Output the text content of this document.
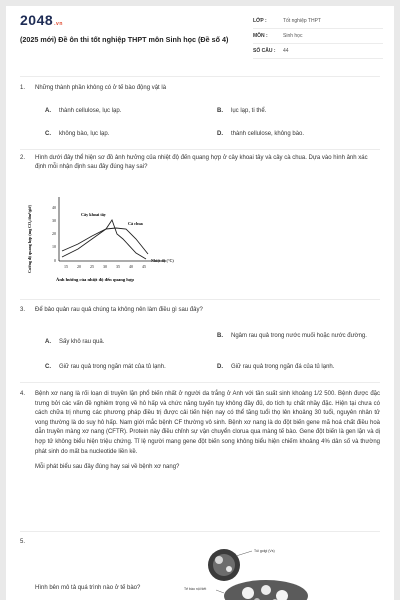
2048.vn
(2025 mới) Đề ôn thi tốt nghiệp THPT môn Sinh học (Đề số 4)
LỚP :	Tốt nghiệp THPT
MÔN :	Sinh học
SỐ CÂU :	44
1. Những thành phần không có ở tế bào động vật là
A. thành cellulose, lục lạp.	B. lục lạp, ti thể.
C. không bào, lục lạp.	D. thành cellulose, không bào.
2. Hình dưới đây thể hiện sơ đồ ảnh hưởng của nhiệt độ đến quang hợp ở cây khoai tây và cây cà chua. Dựa vào hình ảnh xác định mỗi nhận định sau đây đúng hay sai?
Cường độ quang hợp (mg CO₂/dm²/giờ)	40
30
20
10
0
15 20 25 30 35 40 45
Nhiệt độ (°C)
Cây khoai tây
Cà chua
Ảnh hưởng của nhiệt độ đến quang hợp
3. Để bảo quản rau quả chúng ta không nên làm điều gì sau đây?
A. Sấy khô rau quả.
B. Ngâm rau quả trong nước muối hoặc nước đường.
C. Giữ rau quả trong ngăn mát của tủ lạnh.	D. Giữ rau quả trong ngăn đá của tủ lạnh.
4. Bệnh xơ nang là rối loạn di truyền lặn phổ biến nhất ở người da trắng ở Anh với tần suất sinh khoảng 1/2 500. Bệnh được đặc trưng bởi các vấn đề nghiêm trọng về hô hấp và chức năng tuyến tụy không đầy đủ, do tích tụ chất nhầy đặc. Hiện tại chưa có cách chữa trị nhưng các phương pháp điều trị được cải tiến hiện nay có thể tăng tuổi thọ lên khoảng 30 tuổi, nguyên nhân tử vong thường là do suy hô hấp. Nam giới mắc bệnh CF thường vô sinh. Bệnh xơ nang là do đột biến gene mã hoá chất điều hoà dẫn truyền màng xơ nang (CFTR). Protein này điều chỉnh sự vận chuyển clorua qua màng tế bào. Gene đột biến là gen lặn và dị hợp tử không biểu hiện triệu chứng. Tỉ lệ người mang gene đột biến song không biểu hiện chiếm khoảng 4% dân số và thường phát sinh do mất ba nucleotide liền kề.
Mỗi phát biểu sau đây đúng hay sai về bệnh xơ nang?
5.
Hình bên mô tả quá trình nào ở tế bào?
Túi golgi (Vs)
Tế bào nội tiết
